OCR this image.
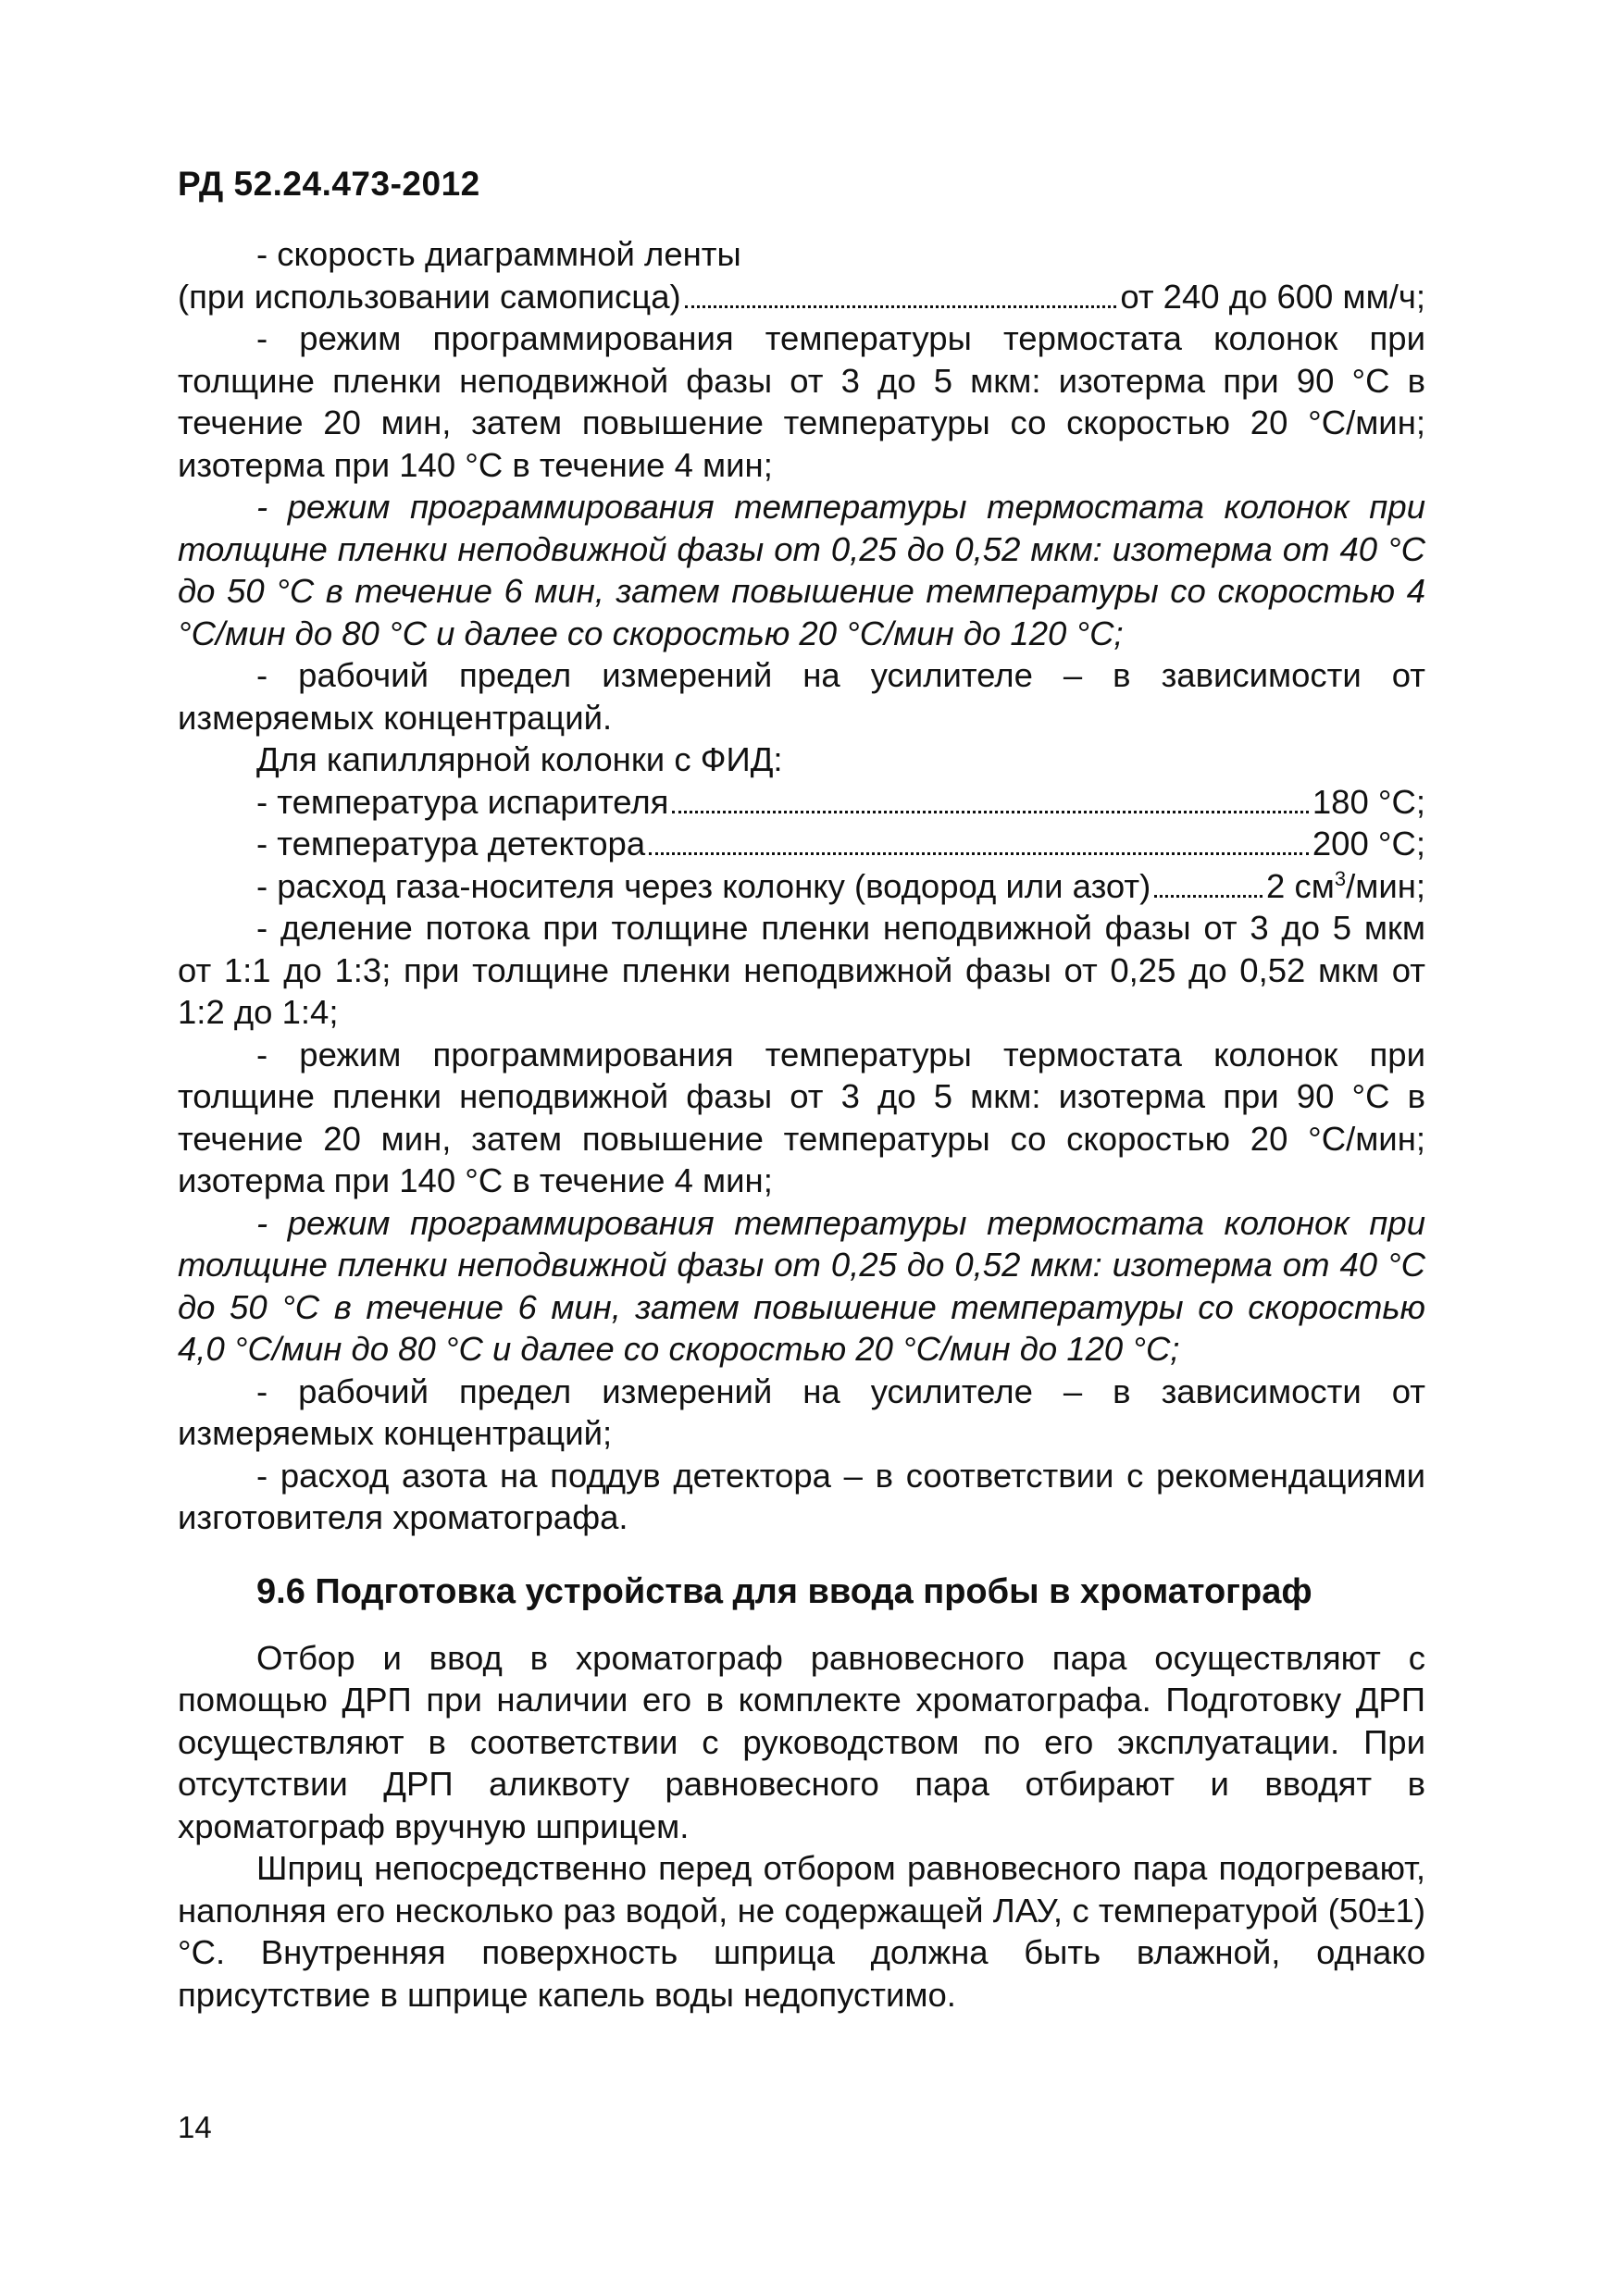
РД 52.24.473-2012

- скорость диаграммной ленты

(при использовании самописца)	от 240 до 600 мм/ч;

- режим программирования температуры термостата колонок при толщине пленки неподвижной фазы от 3 до 5 мкм: изотерма при 90 °С в течение 20 мин, затем повышение температуры со скоростью 20 °С/мин; изотерма при 140 °С в течение 4 мин;

- режим программирования температуры термостата колонок при толщине пленки неподвижной фазы от 0,25 до 0,52 мкм: изотерма от 40 °С до 50 °С в течение 6 мин, затем повышение температуры со скоростью 4 °С/мин до 80 °С и далее со скоростью 20 °С/мин до 120 °С;

- рабочий предел измерений на усилителе – в зависимости от измеряемых концентраций.

Для капиллярной колонки с ФИД:

- температура испарителя	180 °С;
- температура детектора	200 °С;
- расход газа-носителя через колонку (водород или азот)	2 $см^3$/мин;

- деление потока при толщине пленки неподвижной фазы от 3 до 5 мкм от 1:1 до 1:3; при толщине пленки неподвижной фазы от 0,25 до 0,52 мкм от 1:2 до 1:4;

- режим программирования температуры термостата колонок при толщине пленки неподвижной фазы от 3 до 5 мкм: изотерма при 90 °С в течение 20 мин, затем повышение температуры со скоростью 20 °С/мин; изотерма при 140 °С в течение 4 мин;

- режим программирования температуры термостата колонок при толщине пленки неподвижной фазы от 0,25 до 0,52 мкм: изотерма от 40 °С до 50 °С в течение 6 мин, затем повышение температуры со скоростью 4,0 °С/мин до 80 °С и далее со скоростью 20 °С/мин до 120 °С;

- рабочий предел измерений на усилителе – в зависимости от измеряемых концентраций;

- расход азота на поддув детектора – в соответствии с рекомендациями изготовителя хроматографа.

9.6 Подготовка устройства для ввода пробы в хроматограф

Отбор и ввод в хроматограф равновесного пара осуществляют с помощью ДРП при наличии его в комплекте хроматографа. Подготовку ДРП осуществляют в соответствии с руководством по его эксплуатации. При отсутствии ДРП аликвоту равновесного пара отбирают и вводят в хроматограф вручную шприцем.

Шприц непосредственно перед отбором равновесного пара подогревают, наполняя его несколько раз водой, не содержащей ЛАУ, с температурой (50±1) °С. Внутренняя поверхность шприца должна быть влажной, однако присутствие в шприце капель воды недопустимо.

14
